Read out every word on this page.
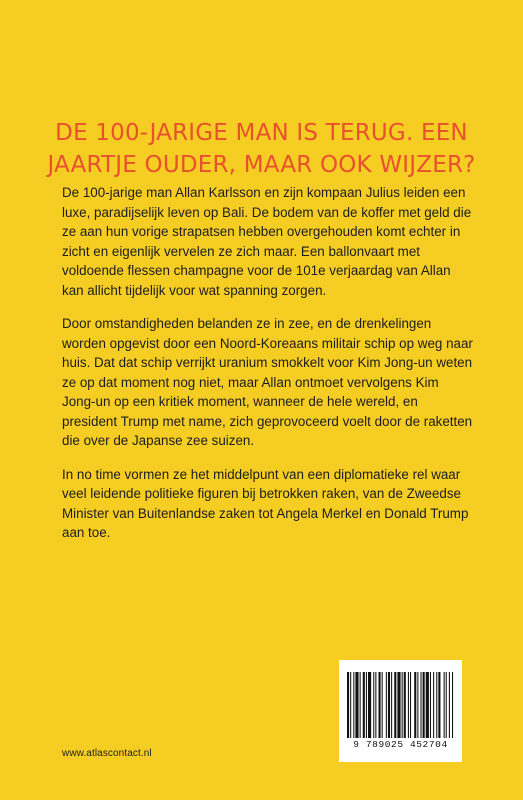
DE 100-JARIGE MAN IS TERUG. EEN
JAARTJE OUDER, MAAR OOK WIJZER?

De 100-jarige man Allan Karlsson en zijn kompaan Julius leiden een luxe, paradijselijk leven op Bali. De bodem van de koffer met geld die ze aan hun vorige strapatsen hebben overgehouden komt echter in zicht en eigenlijk vervelen ze zich maar. Een ballonvaart met voldoende flessen champagne voor de 101e verjaardag van Allan kan allicht tijdelijk voor wat spanning zorgen.

Door omstandigheden belanden ze in zee, en de drenkelingen worden opgevist door een Noord-Koreaans militair schip op weg naar huis. Dat dat schip verrijkt uranium smokkelt voor Kim Jong-un weten ze op dat moment nog niet, maar Allan ontmoet vervolgens Kim Jong-un op een kritiek moment, wanneer de hele wereld, en president Trump met name, zich geprovoceerd voelt door de raketten die over de Japanse zee suizen.

In no time vormen ze het middelpunt van een diplomatieke rel waar veel leidende politieke figuren bij betrokken raken, van de Zweedse Minister van Buitenlandse zaken tot Angela Merkel en Donald Trump aan toe.

www.atlascontact.nl
9 789025 452704
